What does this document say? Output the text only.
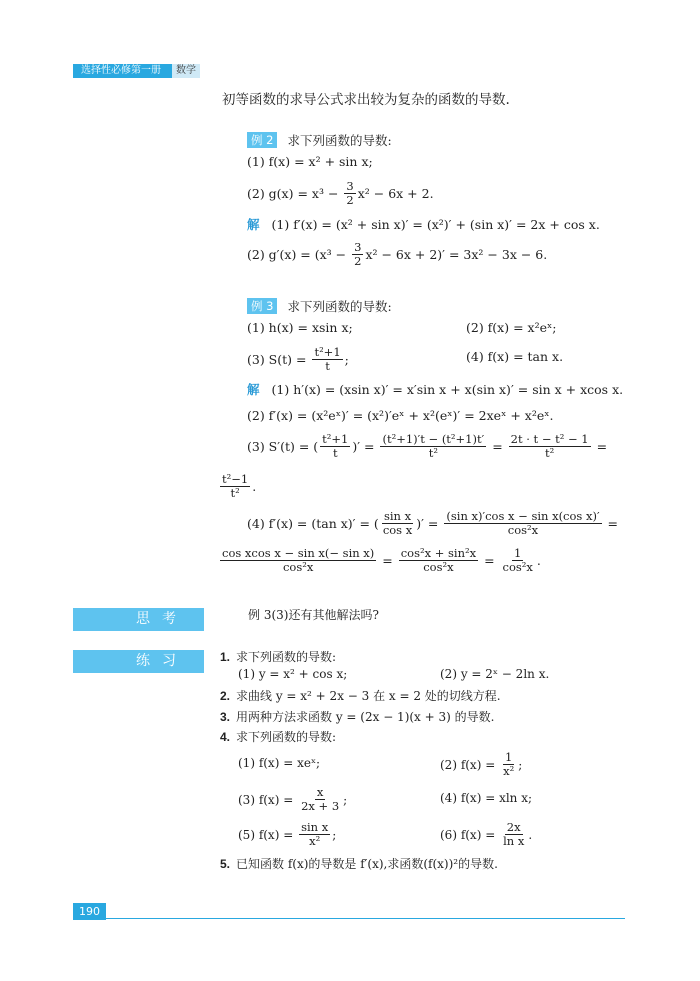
选择性必修第一册	数学
初等函数的求导公式求出较为复杂的函数的导数.
例 2	求下列函数的导数:
(1) f(x) = x² + sin x;
(2) $g(x) = x^3 - \frac{3}{2} x^2 - 6x + 2$.
解 (1) f′(x) = (x² + sin x)′ = (x²)′ + (sin x)′ = 2x + cos x.
(2) $g'(x) = (x^3 - \frac{3}{2} x^2 - 6x + 2)' = 3x^2 - 3x - 6$.
例 3	求下列函数的导数:
(1) h(x) = xsin x;	(2) f(x) = x²eˣ;
(3) $S(t) = \frac{\text{t²+1}}{t}$ ;	(4) f(x) = tan x.
解 (1) h′(x) = (xsin x)′ = x′sin x + x(sin x)′ = sin x + xcos x.
(2) f′(x) = (x²eˣ)′ = (x²)′eˣ + x²(eˣ)′ = 2xeˣ + x²eˣ.
(3) S′(t) = ( $\frac{\text{t²+1}}{t}$ )′ = $\frac{\text{(t²+1)′t − (t²+1)t′}}{\text{t²}} = \frac{\text{2t · t − t² − 1}}{\text{t²}}$ =
$\frac{\text{t²−1}}{\text{t²}}$ .
(4) f′(x) = (tan x)′ = ( $\frac{\text{sin x}}{\text{cos x}}$ )′ = $\frac{\text{(sin x)′cos x − sin x(cos x)′}}{\text{cos²x}}$ =
$\frac{\text{cos xcos x − sin x(− sin x)}}{\text{cos²x}} = \frac{\text{cos²x + sin²x}}{\text{cos²x}} = \frac{1}{\text{cos²x}}$ .
思考	例 3(3)还有其他解法吗?
练习	1. 求下列函数的导数:
(1) y = x² + cos x;	(2) y = 2ˣ − 2ln x.
2. 求曲线 y = x² + 2x − 3 在 x = 2 处的切线方程.
3. 用两种方法求函数 y = (2x − 1)(x + 3) 的导数.
4. 求下列函数的导数:
(1) f(x) = xeˣ;	(2) $f(x) = \frac{1}{\text{x²}}$ ;
(3) $f(x) = \frac{x}{2x + 3}$ ;	(4) f(x) = xln x;
(5) $f(x) = \frac{\text{sin x}}{\text{x²}}$ ;	(6) $f(x) = \frac{2x}{\text{ln x}}$ .
5. 已知函数 f(x)的导数是 f′(x),求函数(f(x))²的导数.
190
